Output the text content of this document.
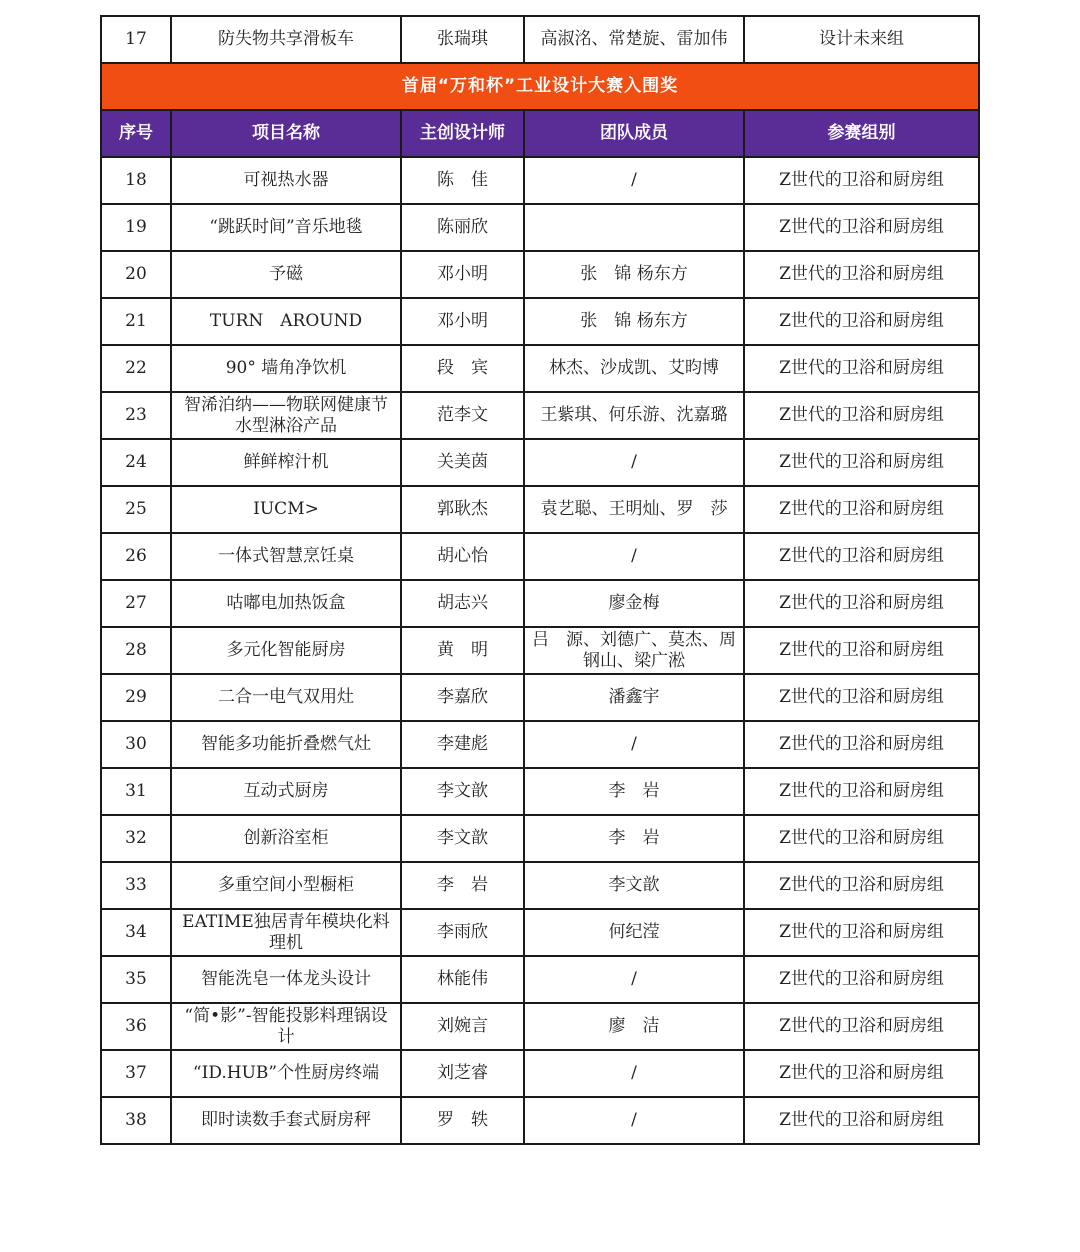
17	防失物共享滑板车	张瑞琪	高淑洺、常楚旋、雷加伟	设计未来组
首届“万和杯”工业设计大赛入围奖				
序号	项目名称	主创设计师	团队成员	参赛组别
18	可视热水器	陈　佳	/	Z世代的卫浴和厨房组
19	“跳跃时间”音乐地毯	陈丽欣		Z世代的卫浴和厨房组
20	予磁	邓小明	张　锦 杨东方	Z世代的卫浴和厨房组
21	TURN　AROUND	邓小明	张　锦 杨东方	Z世代的卫浴和厨房组
22	90° 墙角净饮机	段　宾	林杰、沙成凯、艾昀博	Z世代的卫浴和厨房组
23	智浠泊纳——物联网健康节水型淋浴产品	范李文	王紫琪、何乐游、沈嘉璐	Z世代的卫浴和厨房组
24	鲜鲜榨汁机	关美茵	/	Z世代的卫浴和厨房组
25	IUCM>	郭耿杰	袁艺聪、王明灿、罗　莎	Z世代的卫浴和厨房组
26	一体式智慧烹饪桌	胡心怡	/	Z世代的卫浴和厨房组
27	咕嘟电加热饭盒	胡志兴	廖金梅	Z世代的卫浴和厨房组
28	多元化智能厨房	黄　明	吕　源、刘德广、莫杰、周钢山、梁广淞	Z世代的卫浴和厨房组
29	二合一电气双用灶	李嘉欣	潘鑫宇	Z世代的卫浴和厨房组
30	智能多功能折叠燃气灶	李建彪	/	Z世代的卫浴和厨房组
31	互动式厨房	李文歆	李　岩	Z世代的卫浴和厨房组
32	创新浴室柜	李文歆	李　岩	Z世代的卫浴和厨房组
33	多重空间小型橱柜	李　岩	李文歆	Z世代的卫浴和厨房组
34	EATIME独居青年模块化料理机	李雨欣	何纪滢	Z世代的卫浴和厨房组
35	智能洗皂一体龙头设计	林能伟	/	Z世代的卫浴和厨房组
36	“简•影”-智能投影料理锅设计	刘婉言	廖　洁	Z世代的卫浴和厨房组
37	“ID.HUB”个性厨房终端	刘芝睿	/	Z世代的卫浴和厨房组
38	即时读数手套式厨房秤	罗　轶	/	Z世代的卫浴和厨房组
